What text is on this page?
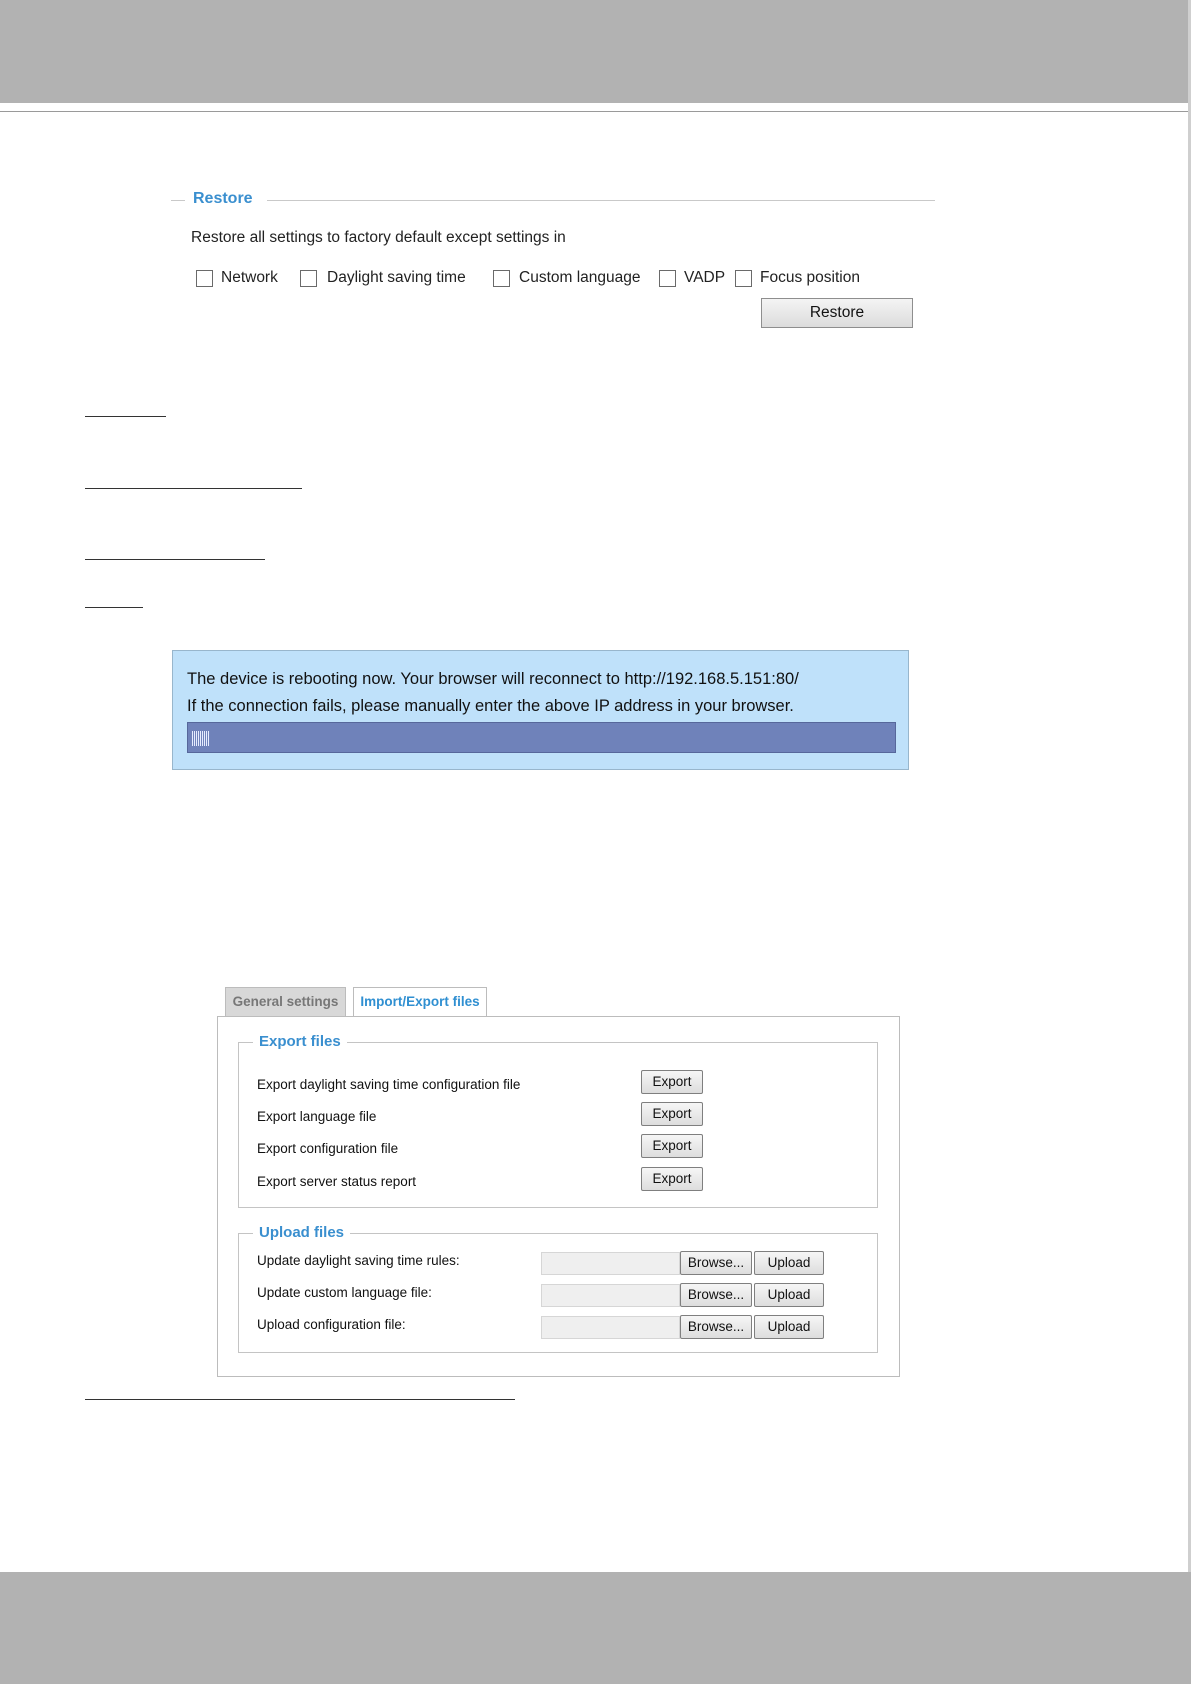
Restore
Restore all settings to factory default except settings in
Network	Daylight saving time	Custom language	VADP Focus position
Restore
The device is rebooting now. Your browser will reconnect to http://192.168.5.151:80/
If the connection fails, please manually enter the above IP address in your browser.
General settings	Import/Export files
Export files
Export daylight saving time configuration file	Export
Export language file	Export
Export configuration file	Export
Export server status report	Export
Upload files
Update daylight saving time rules:	Browse...	Upload
Update custom language file:	Browse...	Upload
Upload configuration file:	Browse...	Upload
